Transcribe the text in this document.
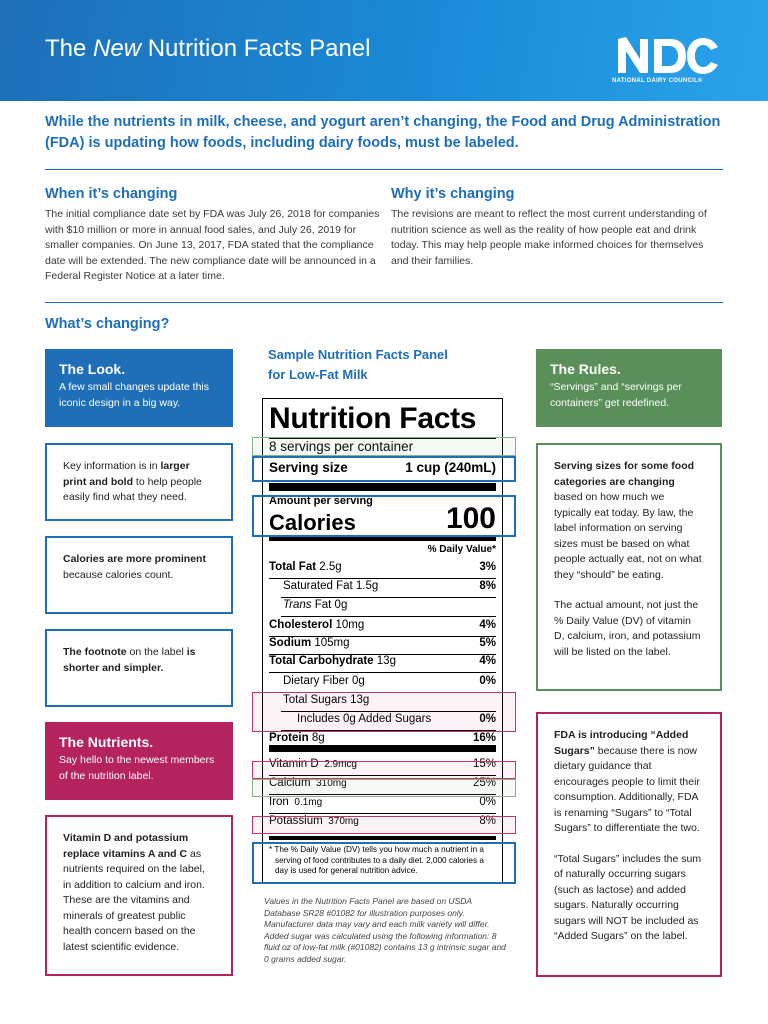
The New Nutrition Facts Panel
NATIONAL DAIRY COUNCIL®
While the nutrients in milk, cheese, and yogurt aren’t changing, the Food and Drug Administration (FDA) is updating how foods, including dairy foods, must be labeled.
When it’s changing
The initial compliance date set by FDA was July 26, 2018 for companies with $10 million or more in annual food sales, and July 26, 2019 for smaller companies. On June 13, 2017, FDA stated that the compliance date will be extended. The new compliance date will be announced in a Federal Register Notice at a later time.
Why it’s changing
The revisions are meant to reflect the most current understanding of nutrition science as well as the reality of how people eat and drink today. This may help people make informed choices for themselves and their families.
What’s changing?
The Look.
A few small changes update this iconic design in a big way.
Key information is in larger print and bold to help people easily find what they need.
Calories are more prominent because calories count.
The footnote on the label is shorter and simpler.
The Nutrients.
Say hello to the newest members of the nutrition label.
Vitamin D and potassium replace vitamins A and C as nutrients required on the label, in addition to calcium and iron. These are the vitamins and minerals of greatest public health concern based on the latest scientific evidence.
The Rules.
“Servings” and “servings per containers” get redefined.
Serving sizes for some food categories are changing based on how much we typically eat today. By law, the label information on serving sizes must be based on what people actually eat, not on what they “should” be eating.
The actual amount, not just the % Daily Value (DV) of vitamin D, calcium, iron, and potassium will be listed on the label.
FDA is introducing “Added Sugars” because there is now dietary guidance that encourages people to limit their consumption. Additionally, FDA is renaming “Sugars” to “Total Sugars” to differentiate the two.
“Total Sugars” includes the sum of naturally occurring sugars (such as lactose) and added sugars. Naturally occurring sugars will NOT be included as “Added Sugars” on the label.
Sample Nutrition Facts Panel
for Low-Fat Milk
Nutrition Facts
8 servings per container
Serving size	1 cup (240mL)
Amount per serving
Calories	100
% Daily Value*
Total Fat 2.5g	3%
Saturated Fat 1.5g	8%
Trans Fat 0g
Cholesterol 10mg	4%
Sodium 105mg	5%
Total Carbohydrate 13g	4%
Dietary Fiber 0g	0%
Total Sugars 13g
Includes 0g Added Sugars	0%
Protein 8g	16%
Vitamin D  2.9mcg	15%
Calcium  310mg	25%
Iron  0.1mg	0%
Potassium  370mg	8%
* The % Daily Value (DV) tells you how much a nutrient in a serving of food contributes to a daily diet. 2,000 calories a day is used for general nutrition advice.
Values in the Nutrition Facts Panel are based on USDA Database SR28 #01082 for illustration purposes only. Manufacturer data may vary and each milk variety will differ. Added sugar was calculated using the following information: 8 fluid oz of low-fat milk (#01082) contains 13 g intrinsic sugar and 0 grams added sugar.
